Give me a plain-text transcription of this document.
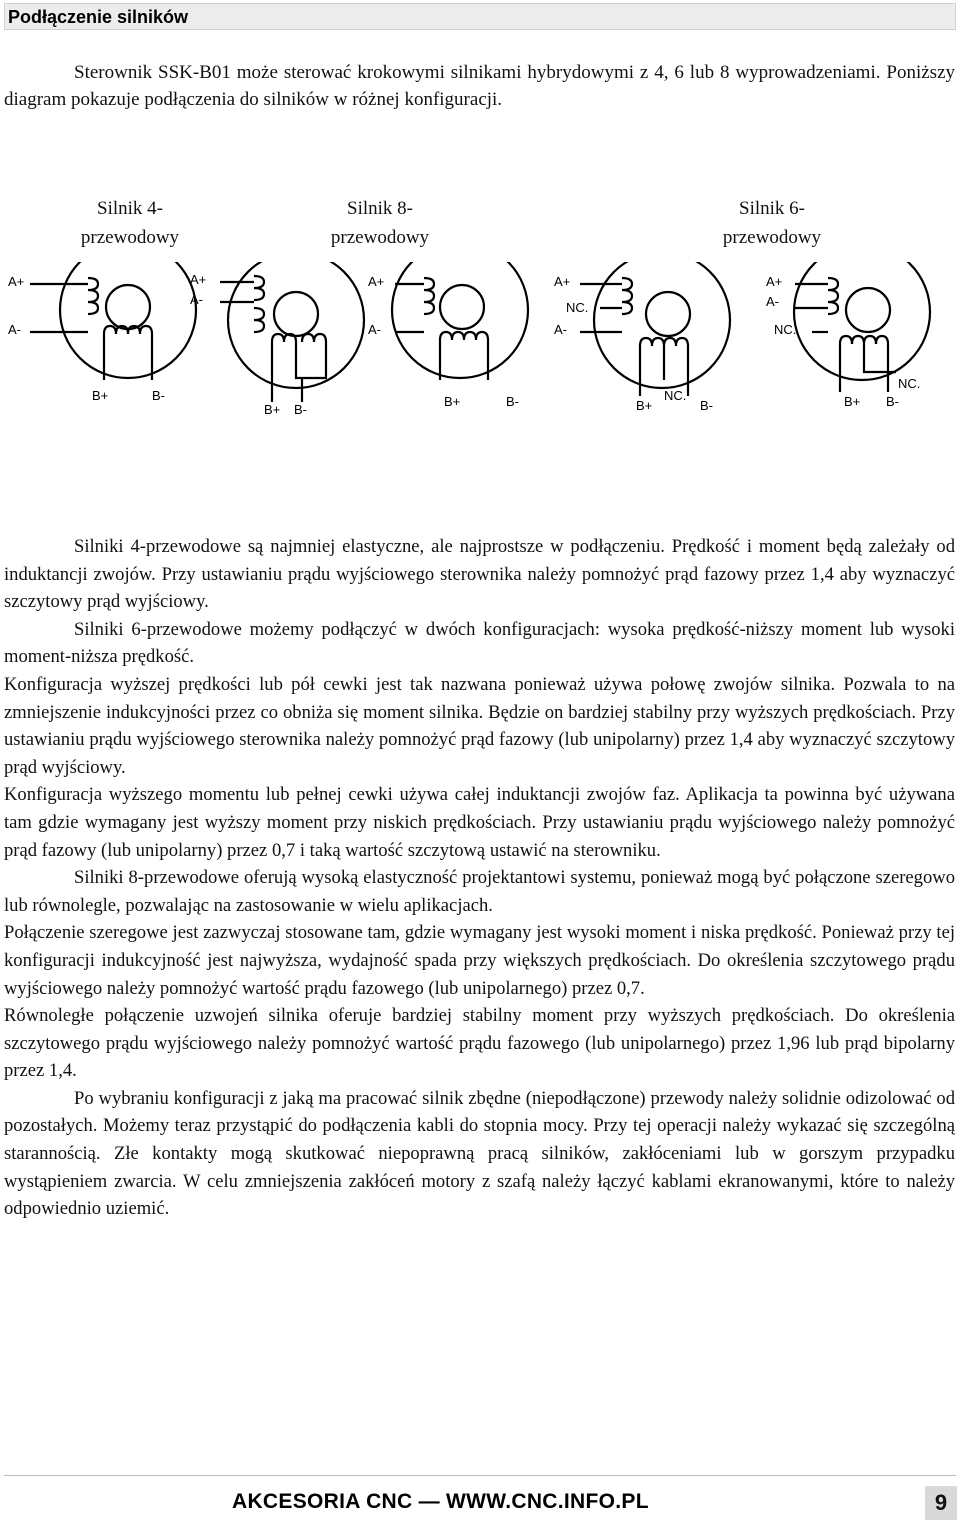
Podłączenie silników
Sterownik SSK-B01 może sterować krokowymi silnikami hybrydowymi z 4, 6 lub 8 wyprowadzeniami. Poniższy diagram pokazuje podłączenia do silników w różnej konfiguracji.
Silnik 4-
przewodowy
Silnik 8-
przewodowy
Silnik 6-
przewodowy
A+
A-
B+	B-
A+
A-
B+ B-
A+
A-
B+	B-
A+
NC.
A-
B+
NC.
B-
A+
A-
NC.
B+
NC.
B-

Silniki 4-przewodowe są najmniej elastyczne, ale najprostsze w podłączeniu. Prędkość i moment będą zależały od induktancji zwojów. Przy ustawianiu prądu wyjściowego sterownika należy pomnożyć prąd fazowy przez 1,4 aby wyznaczyć szczytowy prąd wyjściowy.

Silniki 6-przewodowe możemy podłączyć w dwóch konfiguracjach: wysoka prędkość-niższy moment lub wysoki moment-niższa prędkość.

Konfiguracja wyższej prędkości lub pół cewki jest tak nazwana ponieważ używa połowę zwojów silnika. Pozwala to na zmniejszenie indukcyjności przez co obniża się moment silnika. Będzie on bardziej stabilny przy wyższych prędkościach. Przy ustawianiu prądu wyjściowego sterownika należy pomnożyć prąd fazowy (lub unipolarny) przez 1,4 aby wyznaczyć szczytowy prąd wyjściowy.

Konfiguracja wyższego momentu lub pełnej cewki używa całej induktancji zwojów faz. Aplikacja ta powinna być używana tam gdzie wymagany jest wyższy moment przy niskich prędkościach. Przy ustawianiu prądu wyjściowego należy pomnożyć prąd fazowy (lub unipolarny) przez 0,7 i taką wartość szczytową ustawić na sterowniku.

Silniki 8-przewodowe oferują wysoką elastyczność projektantowi systemu, ponieważ mogą być połączone szeregowo lub równolegle, pozwalając na zastosowanie w wielu aplikacjach.

Połączenie szeregowe jest zazwyczaj stosowane tam, gdzie wymagany jest wysoki moment i niska prędkość. Ponieważ przy tej konfiguracji indukcyjność jest najwyższa, wydajność spada przy większych prędkościach. Do określenia szczytowego prądu wyjściowego należy pomnożyć wartość prądu fazowego (lub unipolarnego) przez 0,7.

Równoległe połączenie uzwojeń silnika oferuje bardziej stabilny moment przy wyższych prędkościach. Do określenia szczytowego prądu wyjściowego należy pomnożyć wartość prądu fazowego (lub unipolarnego) przez 1,96 lub prąd bipolarny przez 1,4.

Po wybraniu konfiguracji z jaką ma pracować silnik zbędne (niepodłączone) przewody należy solidnie odizolować od pozostałych. Możemy teraz przystąpić do podłączenia kabli do stopnia mocy. Przy tej operacji należy wykazać się szczególną starannością. Złe kontakty mogą skutkować niepoprawną pracą silników, zakłóceniami lub w gorszym przypadku wystąpieniem zwarcia. W celu zmniejszenia zakłóceń motory z szafą należy łączyć kablami ekranowanymi, które to należy odpowiednio uziemić.

AKCESORIA CNC — WWW.CNC.INFO.PL	9
